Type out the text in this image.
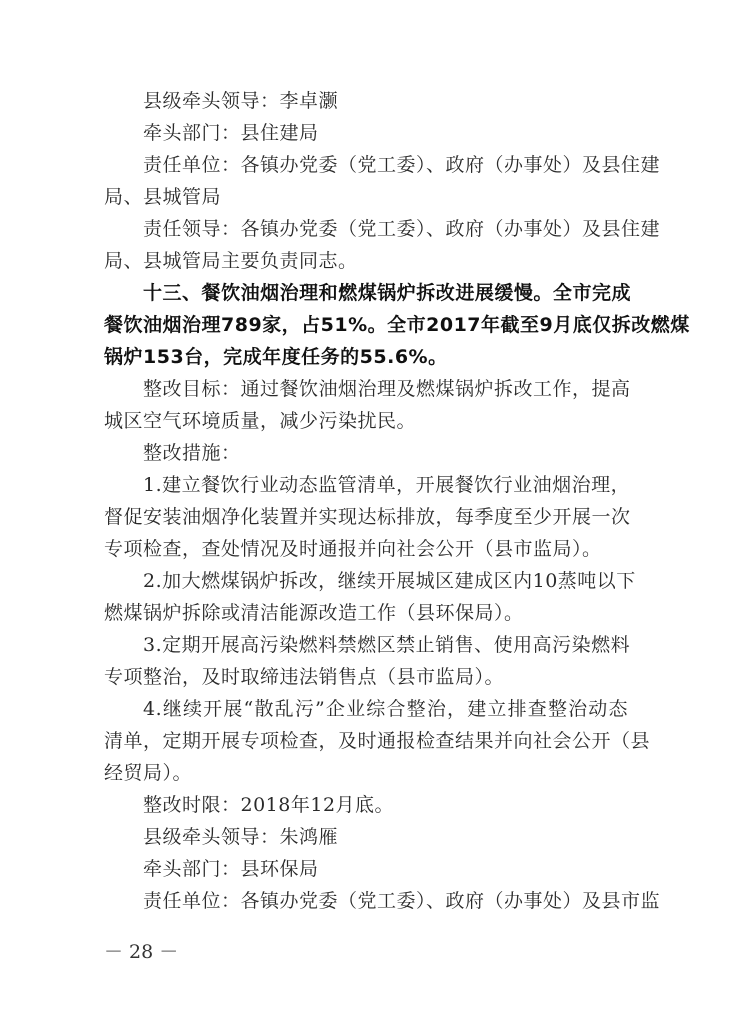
县级牵头领导：李卓灏

牵头部门：县住建局

责任单位：各镇办党委（党工委）、政府（办事处）及县住建

局、县城管局

责任领导：各镇办党委（党工委）、政府（办事处）及县住建

局、县城管局主要负责同志。

十三、餐饮油烟治理和燃煤锅炉拆改进展缓慢。全市完成

餐饮油烟治理789家，占51%。全市2017年截至9月底仅拆改燃煤

锅炉153台，完成年度任务的55.6%。

整改目标：通过餐饮油烟治理及燃煤锅炉拆改工作，提高

城区空气环境质量，减少污染扰民。

整改措施：

1.建立餐饮行业动态监管清单，开展餐饮行业油烟治理，

督促安装油烟净化装置并实现达标排放，每季度至少开展一次

专项检查，查处情况及时通报并向社会公开（县市监局）。

2.加大燃煤锅炉拆改，继续开展城区建成区内10蒸吨以下

燃煤锅炉拆除或清洁能源改造工作（县环保局）。

3.定期开展高污染燃料禁燃区禁止销售、使用高污染燃料

专项整治，及时取缔违法销售点（县市监局）。

4.继续开展“散乱污”企业综合整治，建立排查整治动态

清单，定期开展专项检查，及时通报检查结果并向社会公开（县

经贸局）。

整改时限：2018年12月底。

县级牵头领导：朱鸿雁

牵头部门：县环保局

责任单位：各镇办党委（党工委）、政府（办事处）及县市监

－ 28 －
